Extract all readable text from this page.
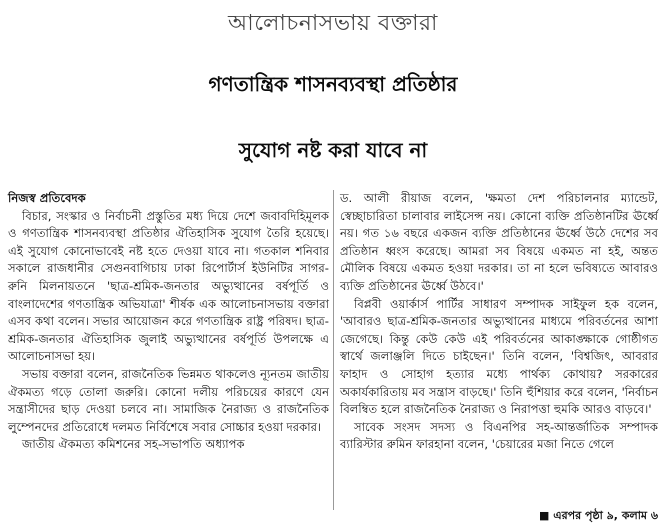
আলোচনাসভায় বক্তারা
গণতান্ত্রিক শাসনব্যবস্থা প্রতিষ্ঠার
সুযোগ নষ্ট করা যাবে না

নিজস্ব প্রতিবেদক

বিচার, সংস্কার ও নির্বাচনী প্রস্তুতির মধ্য দিয়ে দেশে জবাবদিহিমূলক ও গণতান্ত্রিক শাসনব্যবস্থা প্রতিষ্ঠার ঐতিহাসিক সুযোগ তৈরি হয়েছে। এই সুযোগ কোনোভাবেই নষ্ট হতে দেওয়া যাবে না। গতকাল শনিবার সকালে রাজধানীর সেগুনবাগিচায় ঢাকা রিপোর্টার্স ইউনিটির সাগর-রুনি মিলনায়তনে 'ছাত্র-শ্রমিক-জনতার অভ্যুত্থানের বর্ষপূর্তি ও বাংলাদেশের গণতান্ত্রিক অভিযাত্রা' শীর্ষক এক আলোচনাসভায় বক্তারা এসব কথা বলেন। সভার আয়োজন করে গণতান্ত্রিক রাষ্ট্র পরিষদ। ছাত্র-শ্রমিক-জনতার ঐতিহাসিক জুলাই অভ্যুত্থানের বর্ষপূর্তি উপলক্ষে এ আলোচনাসভা হয়।

সভায় বক্তারা বলেন, রাজনৈতিক ভিন্নমত থাকলেও ন্যূনতম জাতীয় ঐকমত্য গড়ে তোলা জরুরি। কোনো দলীয় পরিচয়ের কারণে যেন সন্ত্রাসীদের ছাড় দেওয়া চলবে না। সামাজিক নৈরাজ্য ও রাজনৈতিক লুম্পেনদের প্রতিরোধে দলমত নির্বিশেষে সবার সোচ্চার হওয়া দরকার।

জাতীয় ঐকমত্য কমিশনের সহ-সভাপতি অধ্যাপক

ড. আলী রীয়াজ বলেন, 'ক্ষমতা দেশ পরিচালনার ম্যান্ডেট, স্বেচ্ছাচারিতা চালাবার লাইসেন্স নয়। কোনো ব্যক্তি প্রতিষ্ঠানটির ঊর্ধ্বে নয়। গত ১৬ বছরে একজন ব্যক্তি প্রতিষ্ঠানের ঊর্ধ্বে উঠে দেশের সব প্রতিষ্ঠান ধ্বংস করেছে। আমরা সব বিষয়ে একমত না হই, অন্তত মৌলিক বিষয়ে একমত হওয়া দরকার। তা না হলে ভবিষ্যতে আবারও ব্যক্তি প্রতিষ্ঠানের ঊর্ধ্বে উঠবে।'

বিপ্লবী ওয়ার্কার্স পার্টির সাধারণ সম্পাদক সাইফুল হক বলেন, 'আবারও ছাত্র-শ্রমিক-জনতার অভ্যুত্থানের মাধ্যমে পরিবর্তনের আশা জেগেছে। কিন্তু কেউ কেউ এই পরিবর্তনের আকাঙ্ক্ষাকে গোষ্ঠীগত স্বার্থে জলাঞ্জলি দিতে চাইছেন।' তিনি বলেন, 'বিশ্বজিৎ, আবরার ফাহাদ ও সোহাগ হত্যার মধ্যে পার্থক্য কোথায়? সরকারের অকার্যকারিতায় মব সন্ত্রাস বাড়ছে।' তিনি হুঁশিয়ার করে বলেন, 'নির্বাচন বিলম্বিত হলে রাজনৈতিক নৈরাজ্য ও নিরাপত্তা হুমকি আরও বাড়বে।'

সাবেক সংসদ সদস্য ও বিএনপির সহ-আন্তর্জাতিক সম্পাদক ব্যারিস্টার রুমিন ফারহানা বলেন, 'চেয়ারের মজা নিতে গেলে

■ এরপর পৃষ্ঠা ৯, কলাম ৬
